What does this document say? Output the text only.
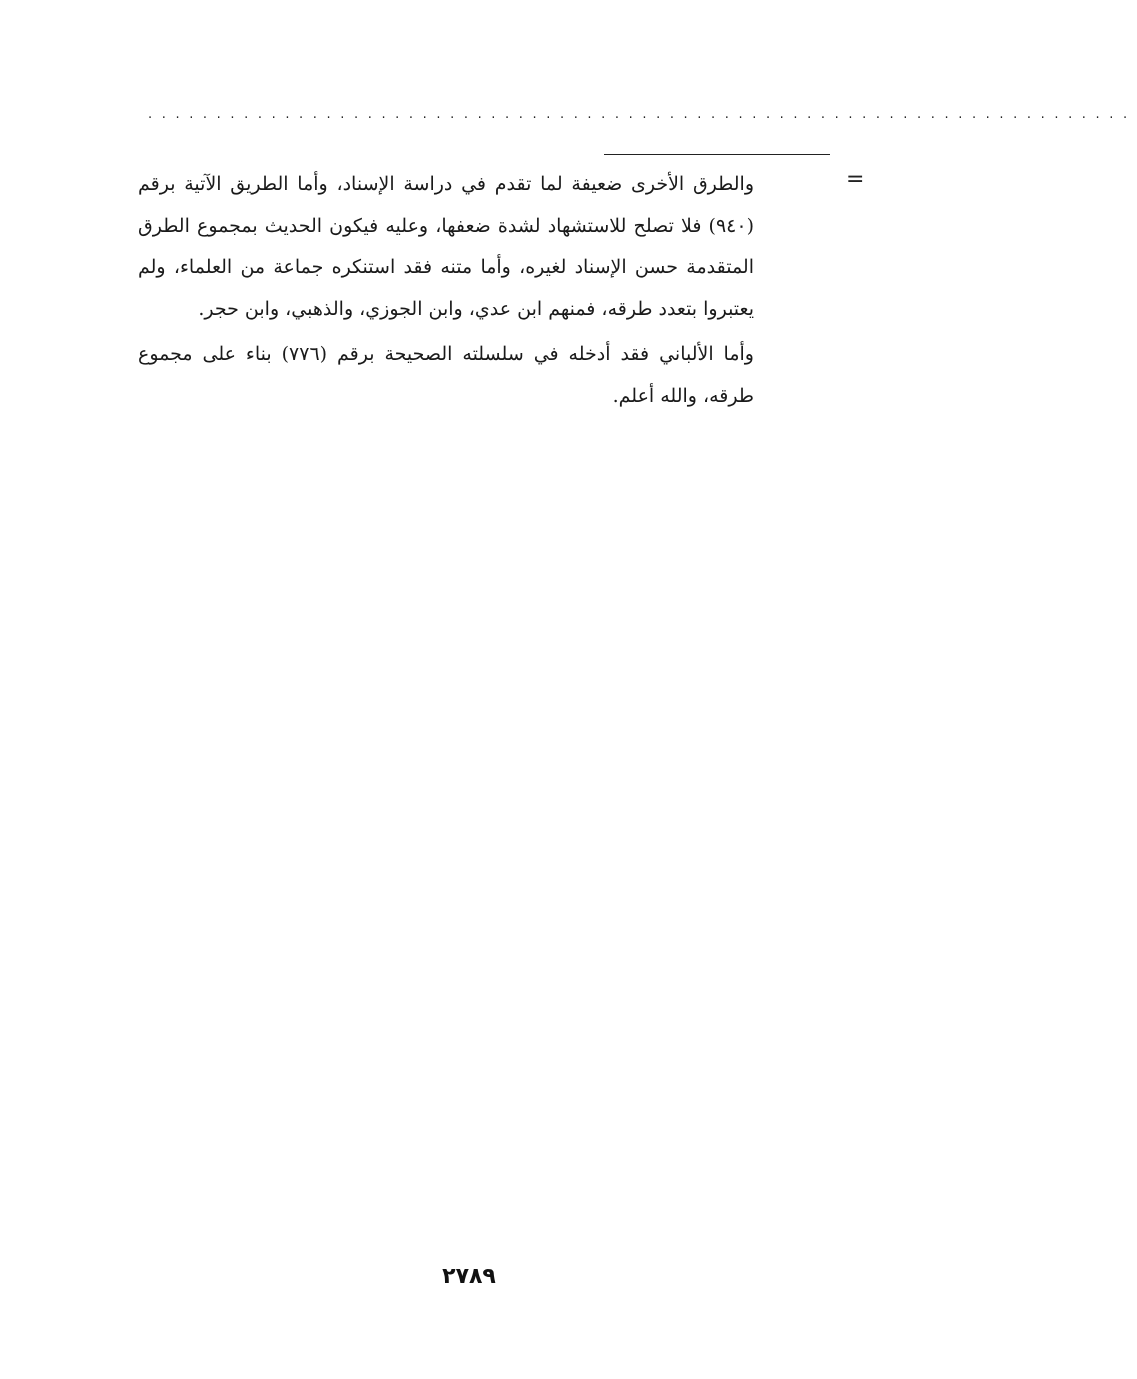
........................................................................
=

والطرق الأخرى ضعيفة لما تقدم في دراسة الإسناد، وأما الطريق الآتية برقم (٩٤٠) فلا تصلح للاستشهاد لشدة ضعفها، وعليه فيكون الحديث بمجموع الطرق المتقدمة حسن الإسناد لغيره، وأما متنه فقد استنكره جماعة من العلماء، ولم يعتبروا بتعدد طرقه، فمنهم ابن عدي، وابن الجوزي، والذهبي، وابن حجر.

وأما الألباني فقد أدخله في سلسلته الصحيحة برقم (٧٧٦) بناء على مجموع طرقه، والله أعلم.

٢٧٨٩
